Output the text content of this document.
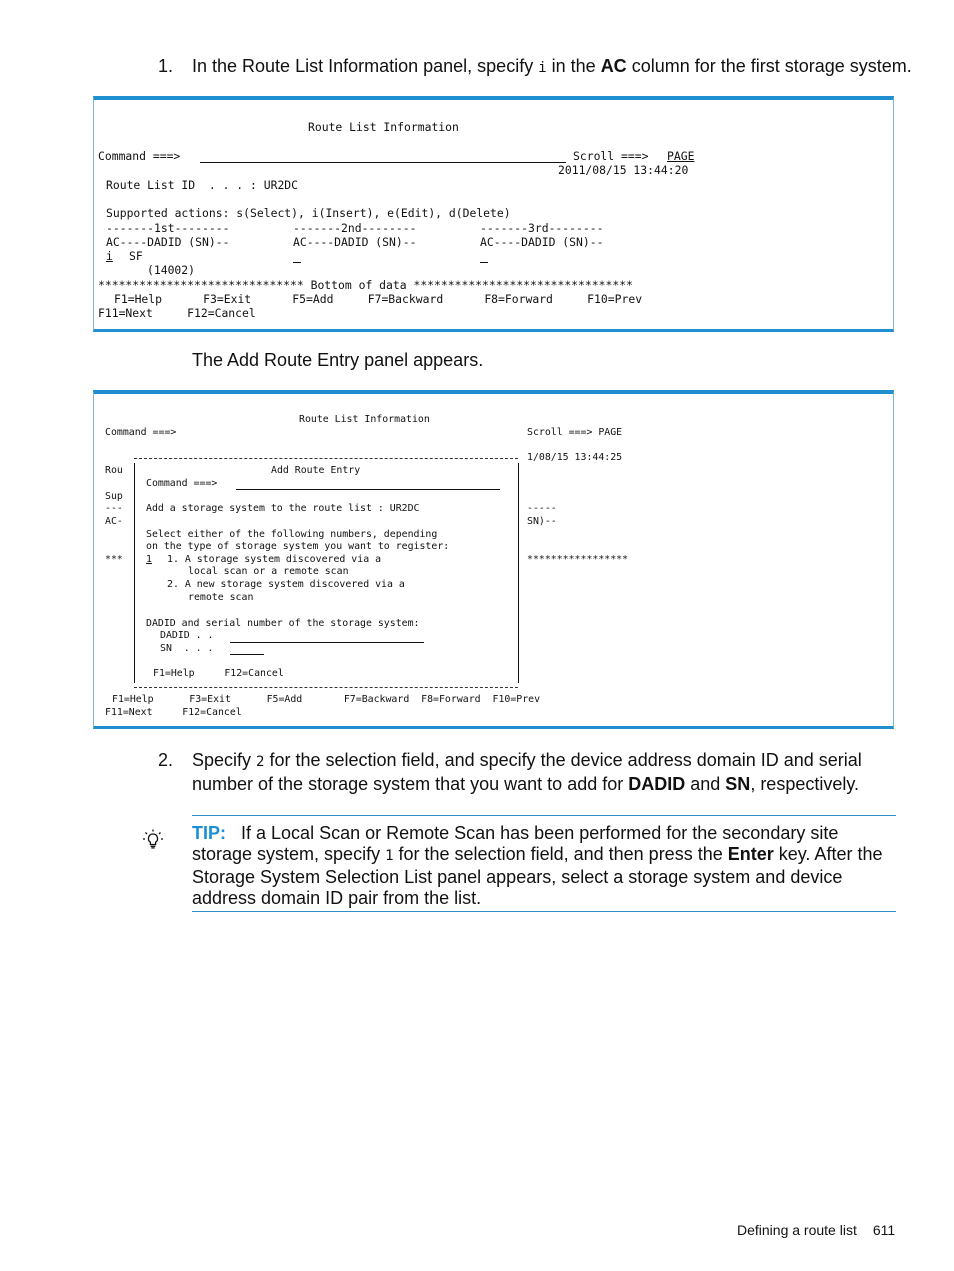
1. In the Route List Information panel, specify i in the AC column for the first storage system.
Route List Information
Command ===>	Scroll ===> PAGE
2011/08/15 13:44:20
Route List ID  . . . : UR2DC
Supported actions: s(Select), i(Insert), e(Edit), d(Delete)
-------1st--------	-------2nd--------	-------3rd--------
AC----DADID (SN)--	AC----DADID (SN)--	AC----DADID (SN)--
i SF
(14002)
****************************** Bottom of data ********************************
F1=Help      F3=Exit      F5=Add     F7=Backward      F8=Forward     F10=Prev
F11=Next     F12=Cancel
The Add Route Entry panel appears.
Route List Information
Command ===>	Scroll ===> PAGE
1/08/15 13:44:25
Rou
Sup
---
AC-
***
-----
SN)--
*****************
Add Route Entry
Command ===>
Add a storage system to the route list : UR2DC
Select either of the following numbers, depending
on the type of storage system you want to register:
1 1. A storage system discovered via a
local scan or a remote scan
2. A new storage system discovered via a
remote scan
DADID and serial number of the storage system:
DADID . .
SN  . . .
F1=Help     F12=Cancel
F1=Help      F3=Exit      F5=Add       F7=Backward  F8=Forward  F10=Prev
F11=Next     F12=Cancel
2. Specify 2 for the selection field, and specify the device address domain ID and serial number of the storage system that you want to add for DADID and SN, respectively.
TIP: If a Local Scan or Remote Scan has been performed for the secondary site storage system, specify 1 for the selection field, and then press the Enter key. After the Storage System Selection List panel appears, select a storage system and device address domain ID pair from the list.
Defining a route list 611
